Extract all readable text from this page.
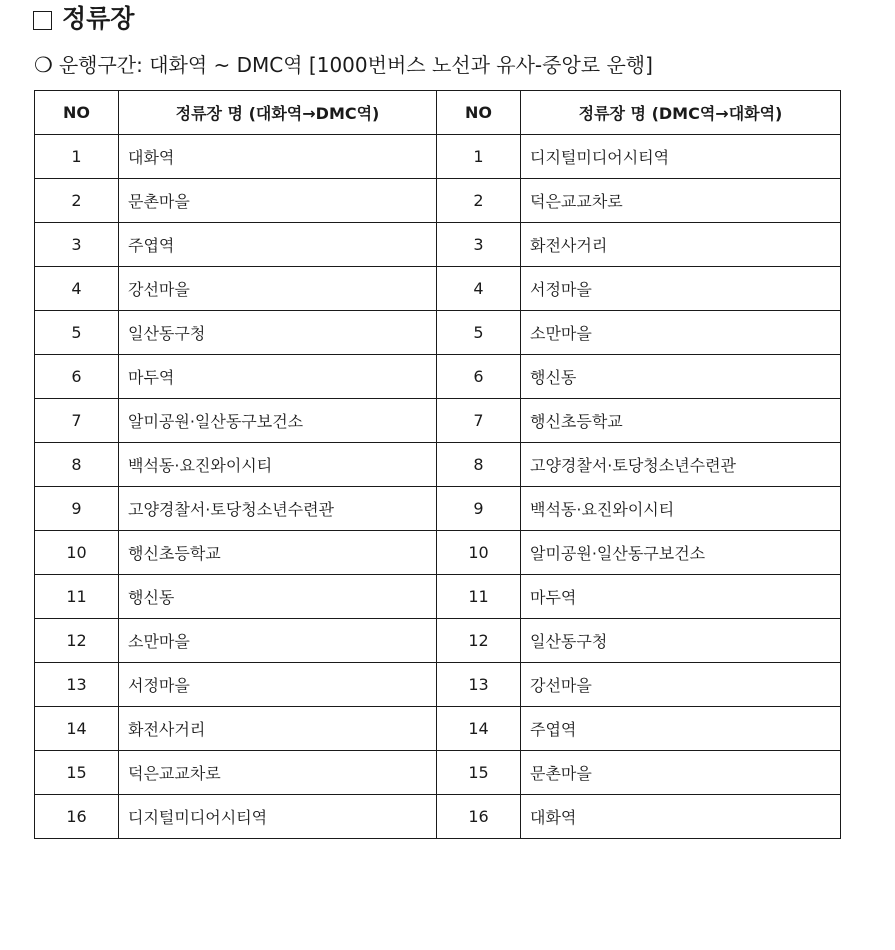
정류장
❍ 운행구간: 대화역 ~ DMC역 [1000번버스 노선과 유사-중앙로 운행]
NO	정류장 명 (대화역→DMC역)	NO	정류장 명 (DMC역→대화역)
1	대화역	1	디지털미디어시티역
2	문촌마을	2	덕은교교차로
3	주엽역	3	화전사거리
4	강선마을	4	서정마을
5	일산동구청	5	소만마을
6	마두역	6	행신동
7	알미공원·일산동구보건소	7	행신초등학교
8	백석동·요진와이시티	8	고양경찰서·토당청소년수련관
9	고양경찰서·토당청소년수련관	9	백석동·요진와이시티
10	행신초등학교	10	알미공원·일산동구보건소
11	행신동	11	마두역
12	소만마을	12	일산동구청
13	서정마을	13	강선마을
14	화전사거리	14	주엽역
15	덕은교교차로	15	문촌마을
16	디지털미디어시티역	16	대화역
